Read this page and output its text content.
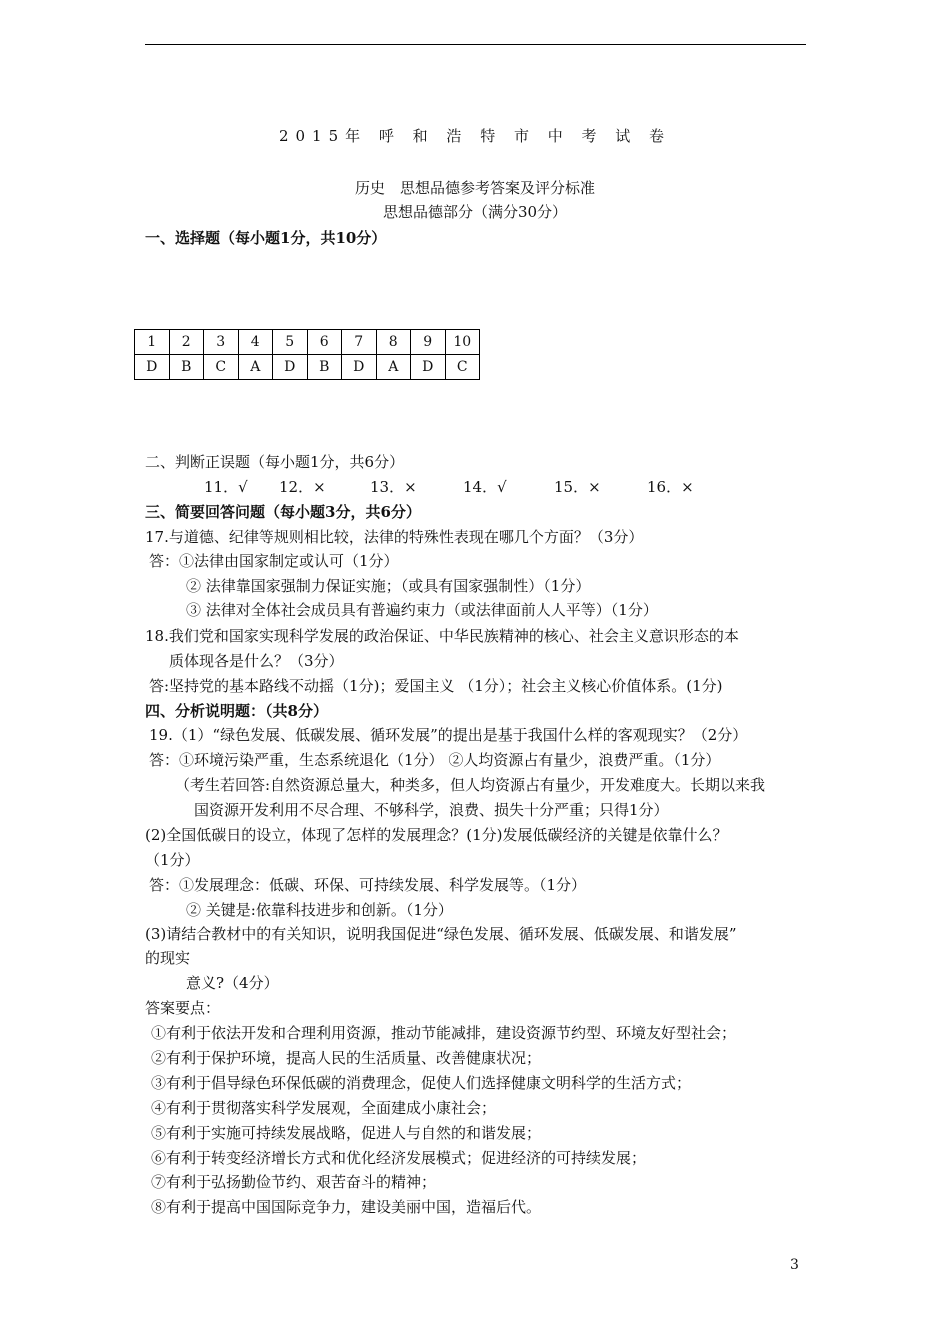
2015年 呼 和 浩 特 市 中 考 试 卷
历史　思想品德参考答案及评分标准
思想品德部分（满分30分）
一、选择题（每小题1分，共10分）
1	2	3	4	5	6	7	8	9	10
D	B	C	A	D	B	D	A	D	C
二、判断正误题（每小题1分，共6分）
11．√ 12．×	13．×	14．√	15．×	16．×
三、简要回答问题（每小题3分，共6分）
17.与道德、纪律等规则相比较，法律的特殊性表现在哪几个方面？（3分）
答：①法律由国家制定或认可（1分）
② 法律靠国家强制力保证实施；（或具有国家强制性）（1分）
③ 法律对全体社会成员具有普遍约束力（或法律面前人人平等）（1分）
18.我们党和国家实现科学发展的政治保证、中华民族精神的核心、社会主义意识形态的本
质体现各是什么？（3分）
答:坚持党的基本路线不动摇（1分)；爱国主义 （1分）；社会主义核心价值体系。(1分)
四、分析说明题：（共8分）
19.（1）“绿色发展、低碳发展、循环发展”的提出是基于我国什么样的客观现实？（2分）
答：①环境污染严重，生态系统退化（1分） ②人均资源占有量少，浪费严重。（1分）
（考生若回答:自然资源总量大，种类多，但人均资源占有量少，开发难度大。长期以来我
国资源开发利用不尽合理、不够科学，浪费、损失十分严重；只得1分）
(2)全国低碳日的设立，体现了怎样的发展理念？(1分)发展低碳经济的关键是依靠什么？
（1分）
答：①发展理念：低碳、环保、可持续发展、科学发展等。（1分）
② 关键是:依靠科技进步和创新。（1分）
(3)请结合教材中的有关知识，说明我国促进“绿色发展、循环发展、低碳发展、和谐发展”
的现实
意义?（4分）
答案要点：
①有利于依法开发和合理利用资源，推动节能减排，建设资源节约型、环境友好型社会；
②有利于保护环境，提高人民的生活质量、改善健康状况；
③有利于倡导绿色环保低碳的消费理念，促使人们选择健康文明科学的生活方式；
④有利于贯彻落实科学发展观，全面建成小康社会；
⑤有利于实施可持续发展战略，促进人与自然的和谐发展；
⑥有利于转变经济增长方式和优化经济发展模式；促进经济的可持续发展；
⑦有利于弘扬勤俭节约、艰苦奋斗的精神；
⑧有利于提高中国国际竞争力，建设美丽中国，造福后代。
3
